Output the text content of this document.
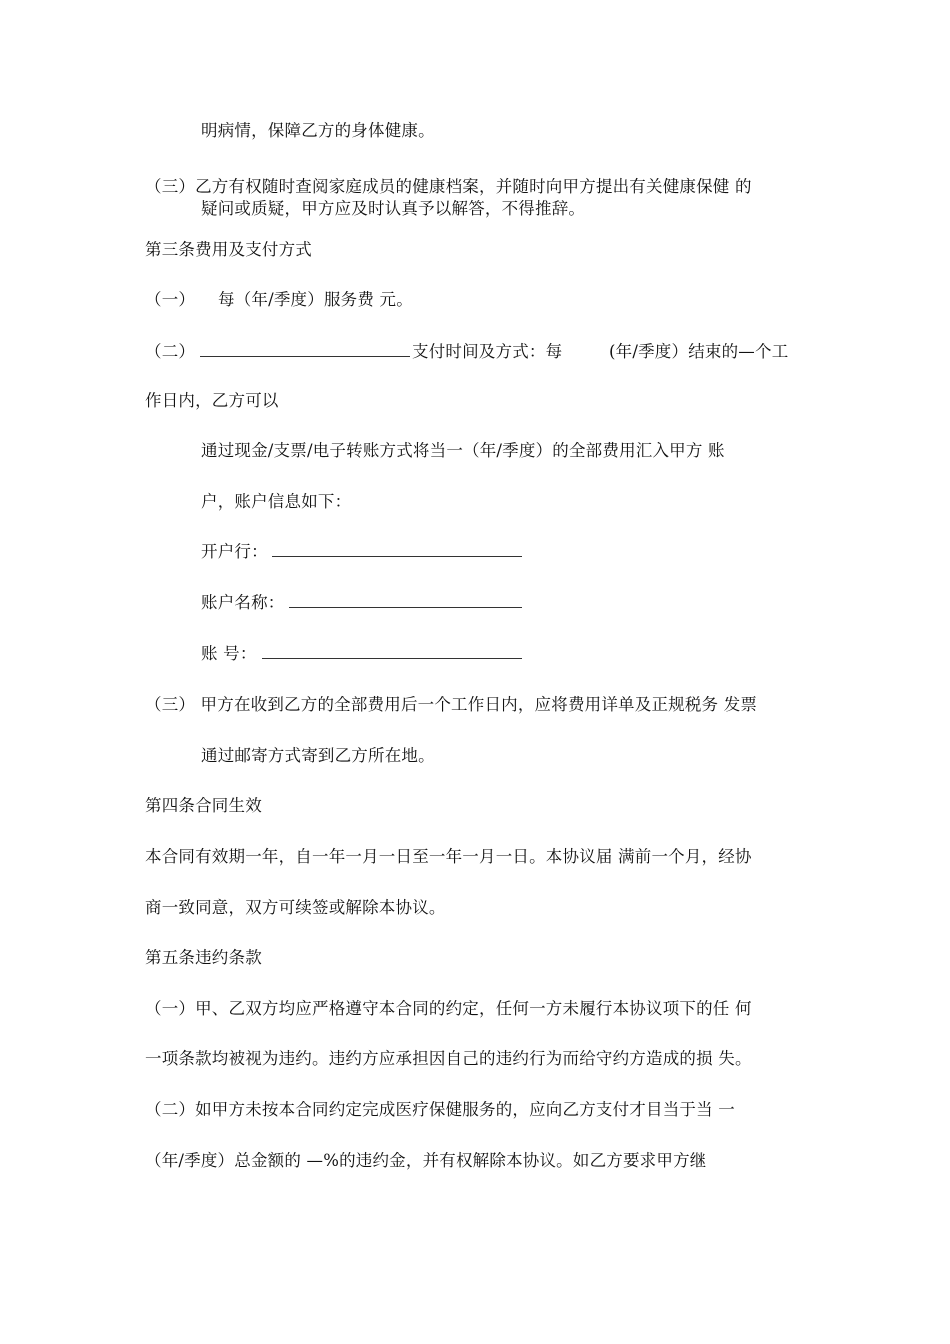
明病情，保障乙方的身体健康。
（三）乙方有权随时查阅家庭成员的健康档案，并随时向甲方提出有关健康保健 的
疑问或质疑，甲方应及时认真予以解答，不得推辞。
第三条费用及支付方式
（一） 每（年/季度）服务费 元。
（二）	支付时间及方式：每	(年/季度）结束的—个工
作日内，乙方可以
通过现金/支票/电子转账方式将当一（年/季度）的全部费用汇入甲方 账
户，账户信息如下：
开户行：
账户名称：
账 号：
（三） 甲方在收到乙方的全部费用后一个工作日内，应将费用详单及正规税务 发票
通过邮寄方式寄到乙方所在地。
第四条合同生效
本合同有效期一年，自一年一月一日至一年一月一日。本协议届 满前一个月，经协
商一致同意，双方可续签或解除本协议。
第五条违约条款
（一）甲、乙双方均应严格遵守本合同的约定，任何一方未履行本协议项下的任 何
一项条款均被视为违约。违约方应承担因自己的违约行为而给守约方造成的损 失。
（二）如甲方未按本合同约定完成医疗保健服务的，应向乙方支付才目当于当 一
（年/季度）总金额的 —%的违约金，并有权解除本协议。如乙方要求甲方继
